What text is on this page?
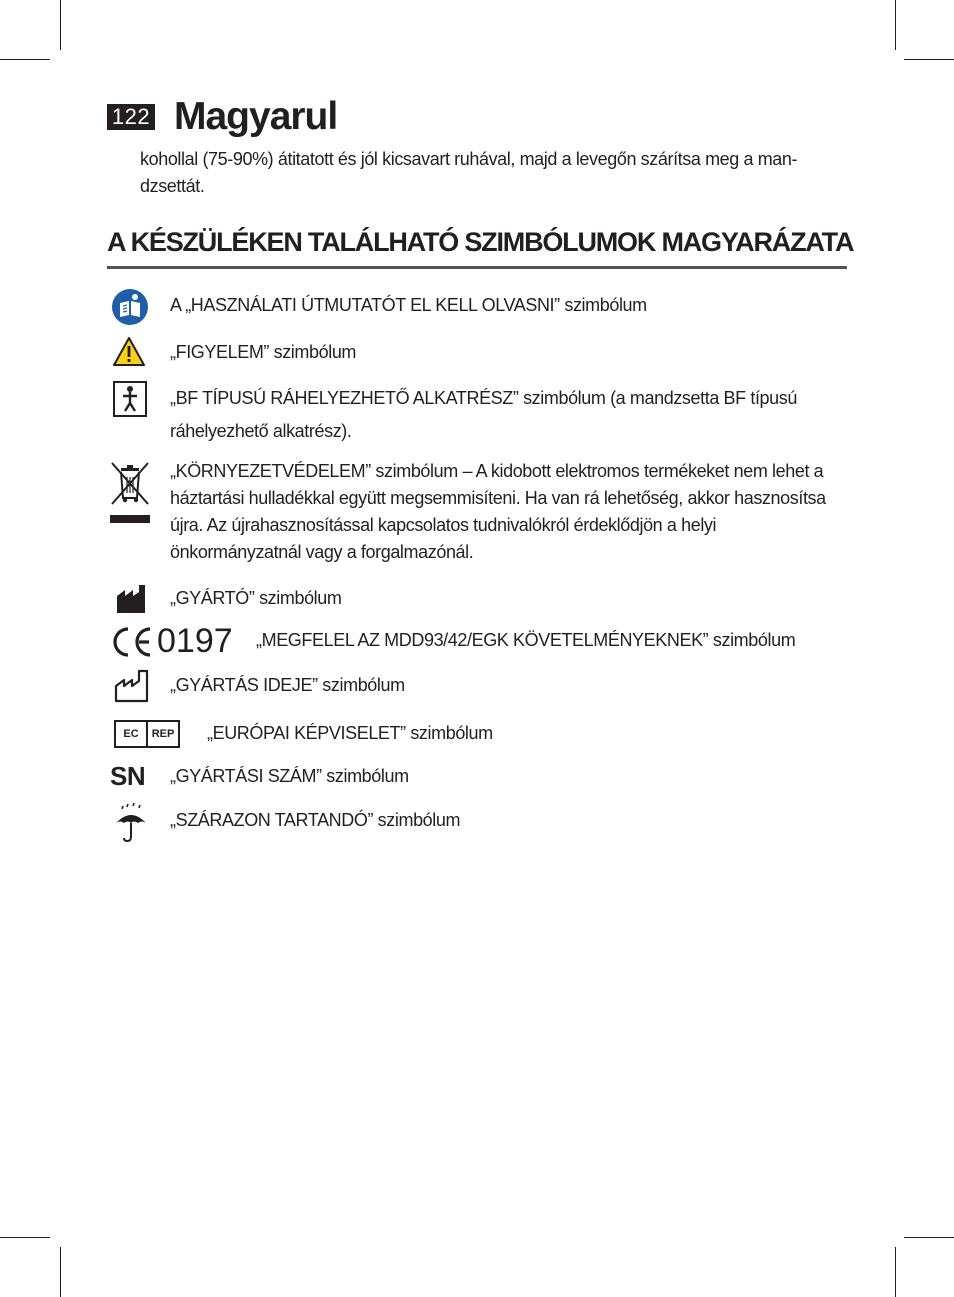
122 Magyarul
kohollal (75-90%) átitatott és jól kicsavart ruhával, majd a levegőn szárítsa meg a man-dzsettát.
A KÉSZÜLÉKEN TALÁLHATÓ SZIMBÓLUMOK MAGYARÁZATA
A „HASZNÁLATI ÚTMUTATÓT EL KELL OLVASNI” szimbólum
„FIGYELEM” szimbólum
„BF TÍPUSÚ RÁHELYEZHETŐ ALKATRÉSZ” szimbólum (a mandzsetta BF típusú ráhelyezhető alkatrész).
„KÖRNYEZETVÉDELEM” szimbólum – A kidobott elektromos termékeket nem lehet a háztartási hulladékkal együtt megsemmisíteni. Ha van rá lehetőség, akkor hasznosítsa újra. Az újrahasznosítással kapcsolatos tudnivalókról érdeklődjön a helyi önkormányzatnál vagy a forgalmazónál.
„GYÁRTÓ” szimbólum
0197 „MEGFELEL AZ MDD93/42/EGK KÖVETELMÉNYEKNEK” szimbólum
„GYÁRTÁS IDEJE” szimbólum
EC	REP „EURÓPAI KÉPVISELET” szimbólum
SN „GYÁRTÁSI SZÁM” szimbólum
„SZÁRAZON TARTANDÓ” szimbólum
